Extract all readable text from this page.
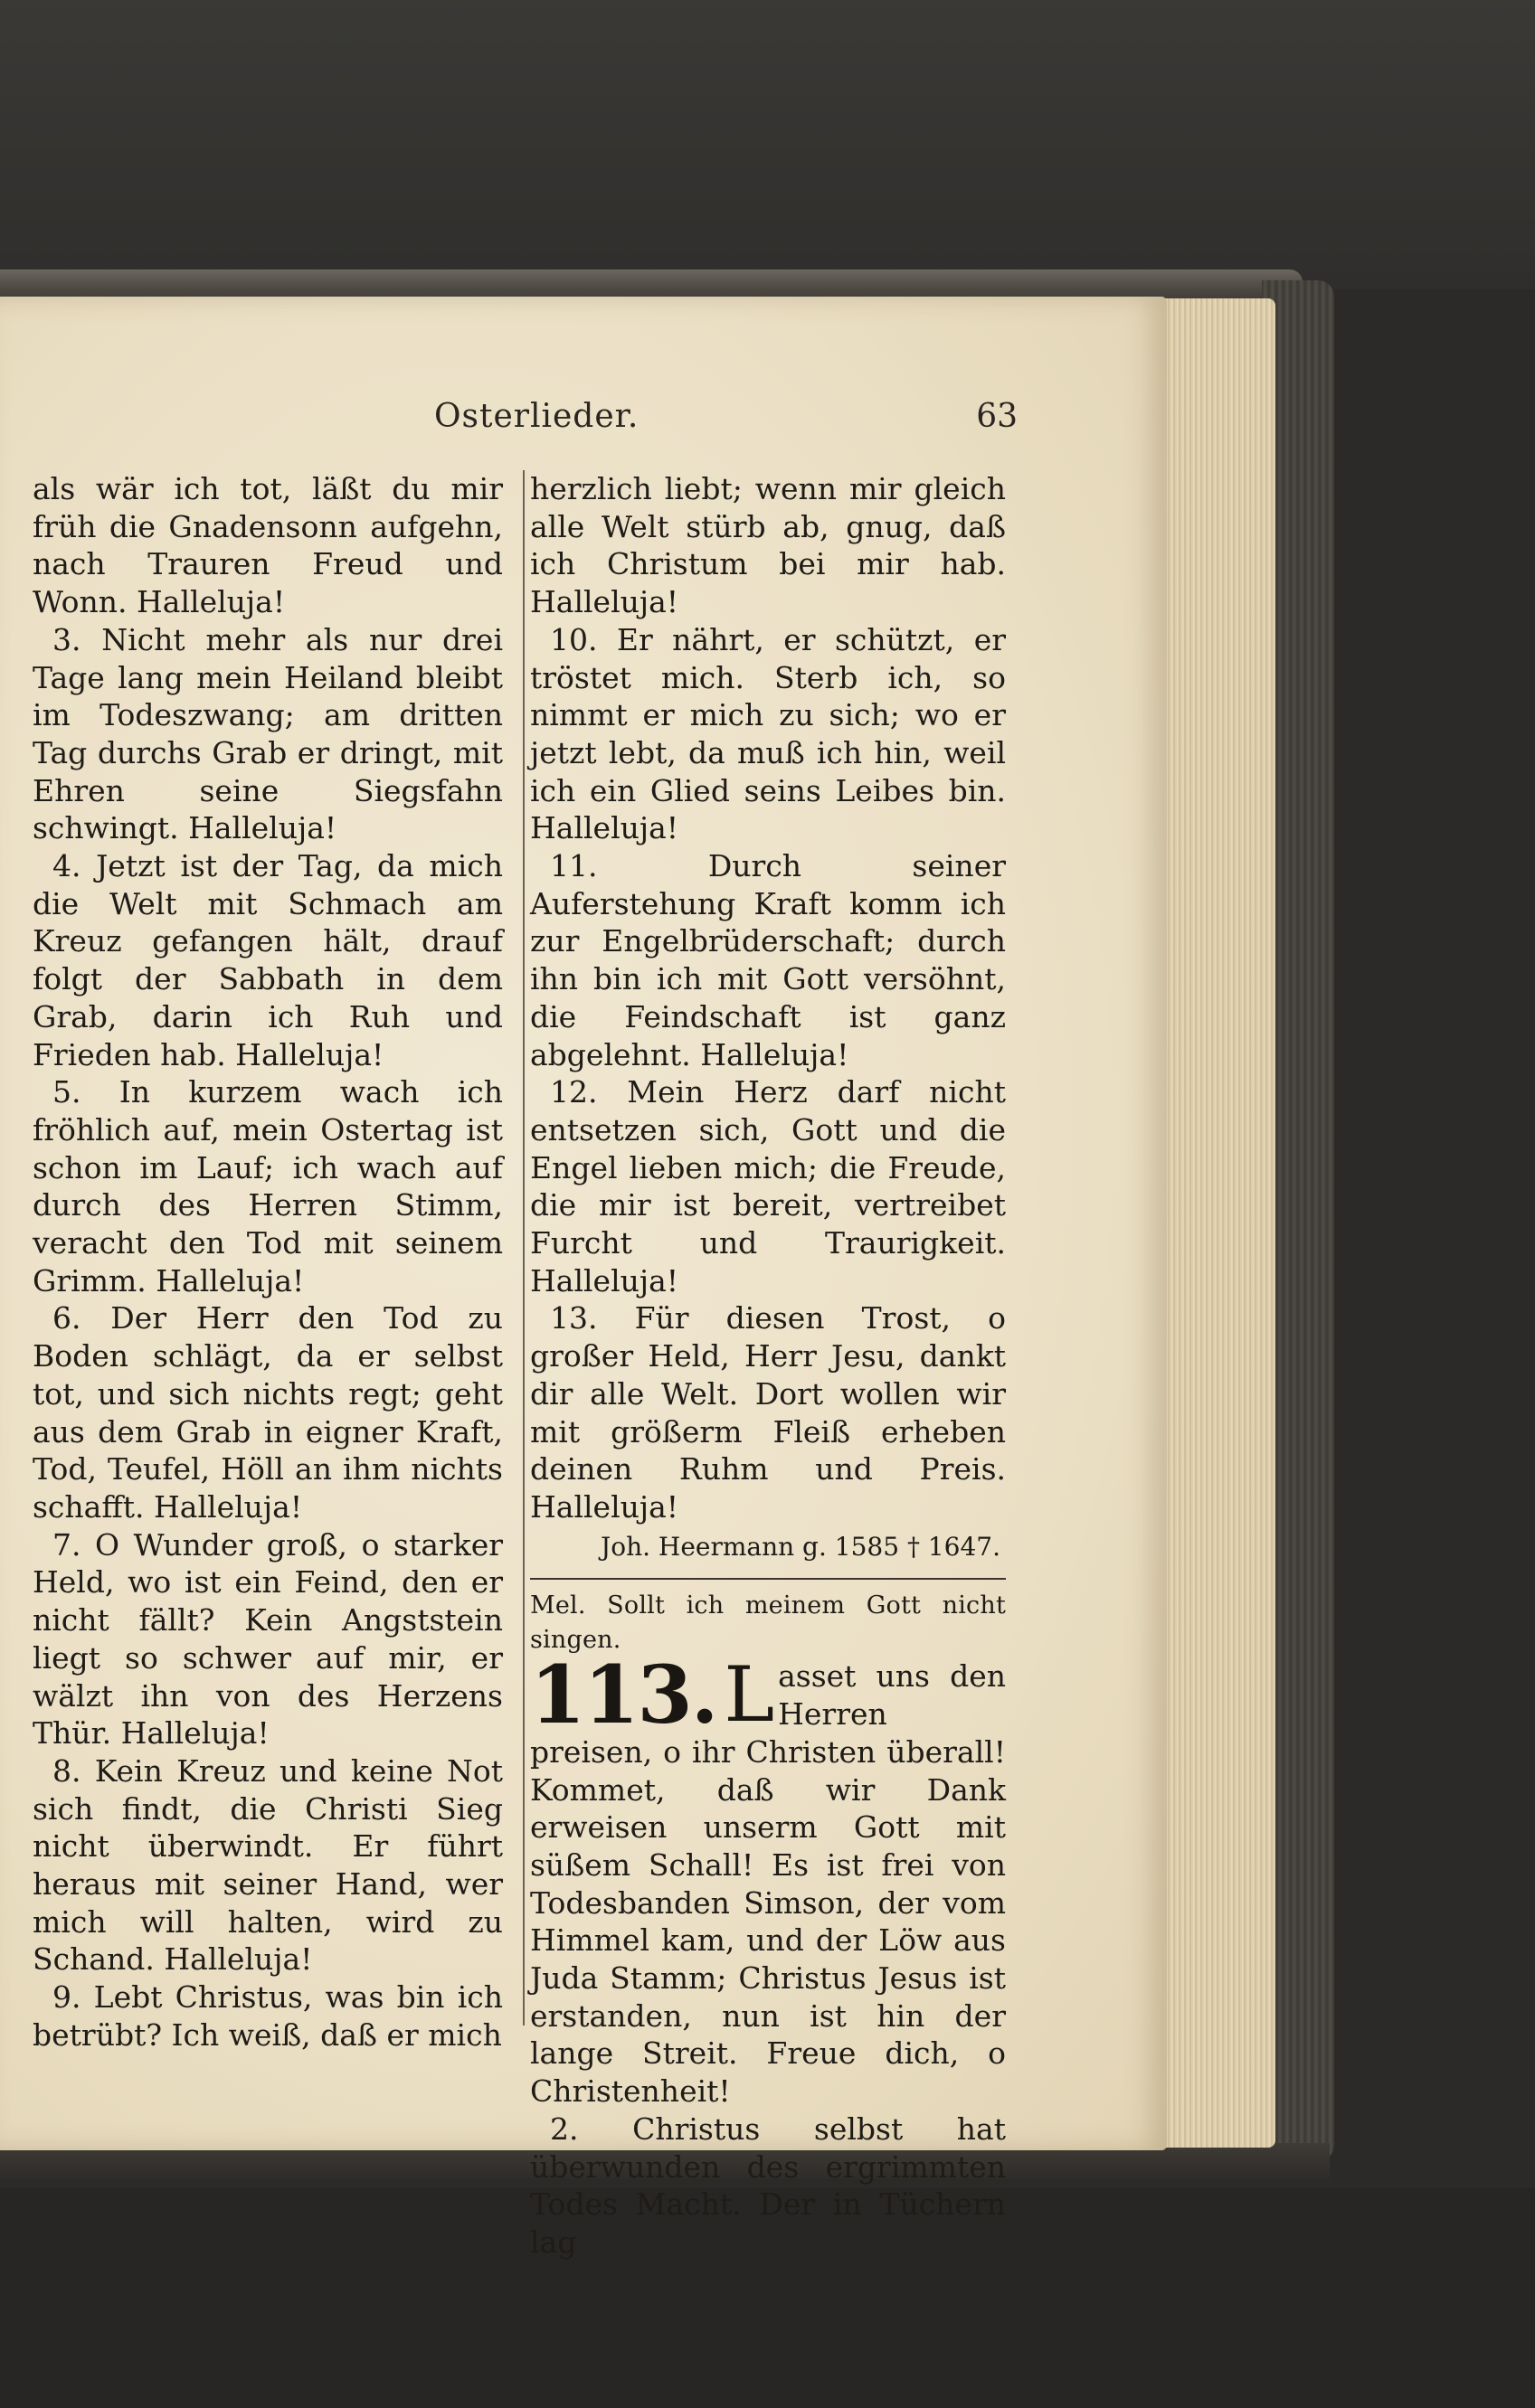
Osterlieder.	63

als wär ich tot, läßt du mir früh die Gnadensonn aufgehn, nach Trauren Freud und Wonn. Halleluja!

3. Nicht mehr als nur drei Tage lang mein Heiland bleibt im Todeszwang; am dritten Tag durchs Grab er dringt, mit Ehren seine Siegsfahn schwingt. Halleluja!

4. Jetzt ist der Tag, da mich die Welt mit Schmach am Kreuz gefangen hält, drauf folgt der Sabbath in dem Grab, darin ich Ruh und Frieden hab. Halleluja!

5. In kurzem wach ich fröhlich auf, mein Ostertag ist schon im Lauf; ich wach auf durch des Herren Stimm, veracht den Tod mit seinem Grimm. Halleluja!

6. Der Herr den Tod zu Boden schlägt, da er selbst tot, und sich nichts regt; geht aus dem Grab in eigner Kraft, Tod, Teufel, Höll an ihm nichts schafft. Halleluja!

7. O Wunder groß, o starker Held, wo ist ein Feind, den er nicht fällt? Kein Angststein liegt so schwer auf mir, er wälzt ihn von des Herzens Thür. Halleluja!

8. Kein Kreuz und keine Not sich findt, die Christi Sieg nicht überwindt. Er führt heraus mit seiner Hand, wer mich will halten, wird zu Schand. Halleluja!

9. Lebt Christus, was bin ich betrübt? Ich weiß, daß er mich

herzlich liebt; wenn mir gleich alle Welt stürb ab, gnug, daß ich Christum bei mir hab. Halleluja!

10. Er nährt, er schützt, er tröstet mich. Sterb ich, so nimmt er mich zu sich; wo er jetzt lebt, da muß ich hin, weil ich ein Glied seins Leibes bin. Halleluja!

11. Durch seiner Auferstehung Kraft komm ich zur Engelbrüderschaft; durch ihn bin ich mit Gott versöhnt, die Feindschaft ist ganz abgelehnt. Halleluja!

12. Mein Herz darf nicht entsetzen sich, Gott und die Engel lieben mich; die Freude, die mir ist bereit, vertreibet Furcht und Traurigkeit. Halleluja!

13. Für diesen Trost, o großer Held, Herr Jesu, dankt dir alle Welt. Dort wollen wir mit größerm Fleiß erheben deinen Ruhm und Preis. Halleluja!

Joh. Heermann g. 1585 † 1647.

Mel. Sollt ich meinem Gott nicht singen.

113. L asset uns den Herren preisen, o ihr Christen überall! Kommet, daß wir Dank erweisen unserm Gott mit süßem Schall! Es ist frei von Todesbanden Simson, der vom Himmel kam, und der Löw aus Juda Stamm; Christus Jesus ist erstanden, nun ist hin der lange Streit. Freue dich, o Christenheit!

2. Christus selbst hat überwunden des ergrimmten Todes Macht. Der in Tüchern lag
